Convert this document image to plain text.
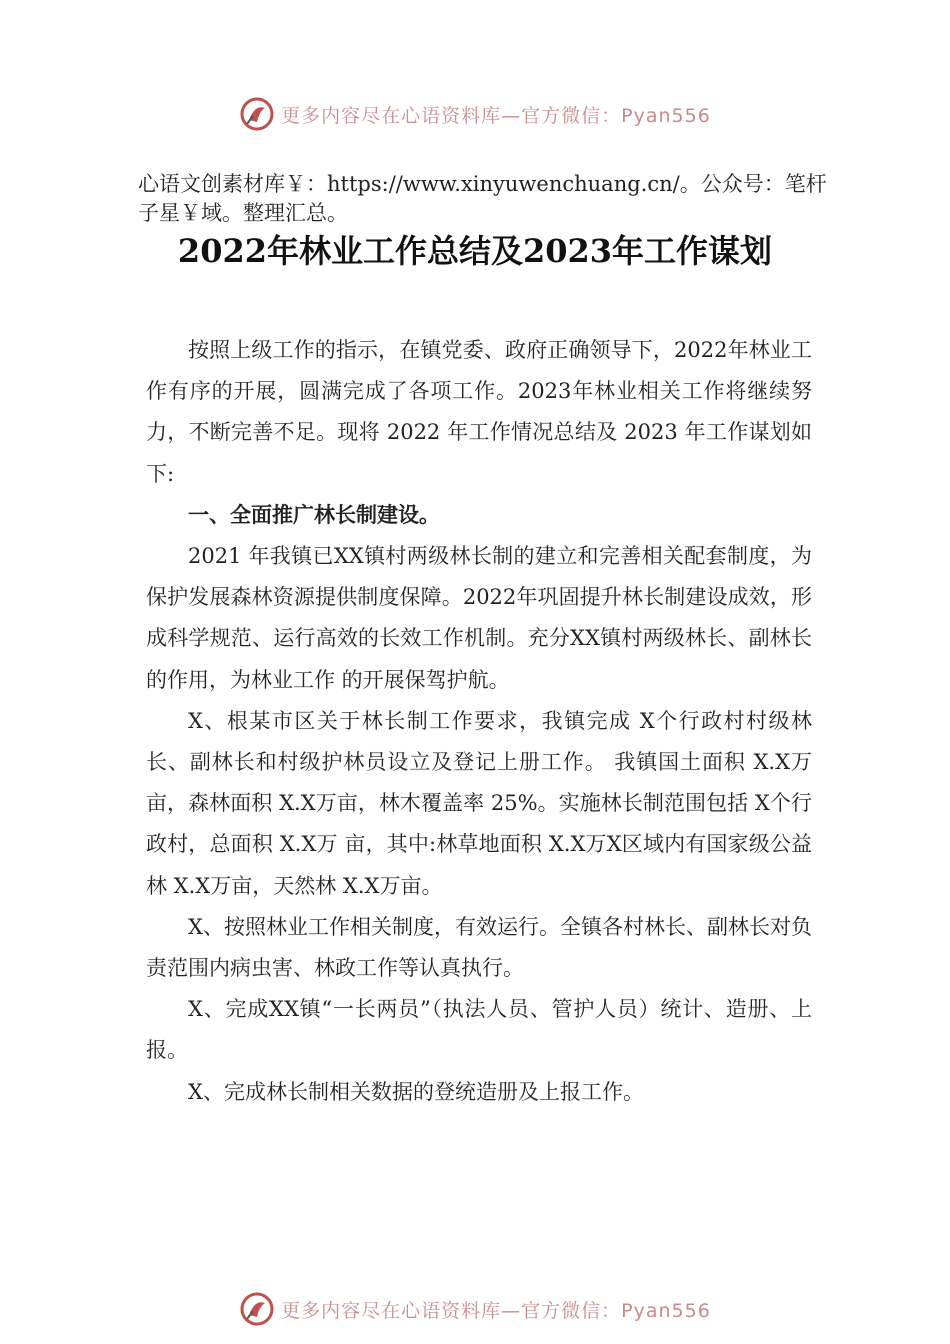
更多内容尽在心语资料库—官方微信：Pyan556
心语文创素材库￥：https://www.xinyuwenchuang.cn/。公众号：笔杆子星￥域。整理汇总。
2022年林业工作总结及2023年工作谋划

按照上级工作的指示，在镇党委、政府正确领导下，2022年林业工作有序的开展，圆满完成了各项工作。2023年林业相关工作将继续努力，不断完善不足。现将 2022 年工作情况总结及 2023 年工作谋划如下:

一、全面推广林长制建设。

2021 年我镇已XX镇村两级林长制的建立和完善相关配套制度，为保护发展森林资源提供制度保障。2022年巩固提升林长制建设成效，形成科学规范、运行高效的长效工作机制。充分XX镇村两级林长、副林长的作用，为林业工作 的开展保驾护航。

X、根某市区关于林长制工作要求，我镇完成 X个行政村村级林长、副林长和村级护林员设立及登记上册工作。 我镇国土面积 X.X万亩，森林面积 X.X万亩，林木覆盖率 25%。实施林长制范围包括 X个行政村，总面积 X.X万 亩，其中:林草地面积 X.X万X区域内有国家级公益林 X.X万亩，天然林 X.X万亩。

X、按照林业工作相关制度，有效运行。全镇各村林长、副林长对负责范围内病虫害、林政工作等认真执行。

X、完成XX镇“一长两员”（执法人员、管护人员）统计、造册、上报。

X、完成林长制相关数据的登统造册及上报工作。

更多内容尽在心语资料库—官方微信：Pyan556
